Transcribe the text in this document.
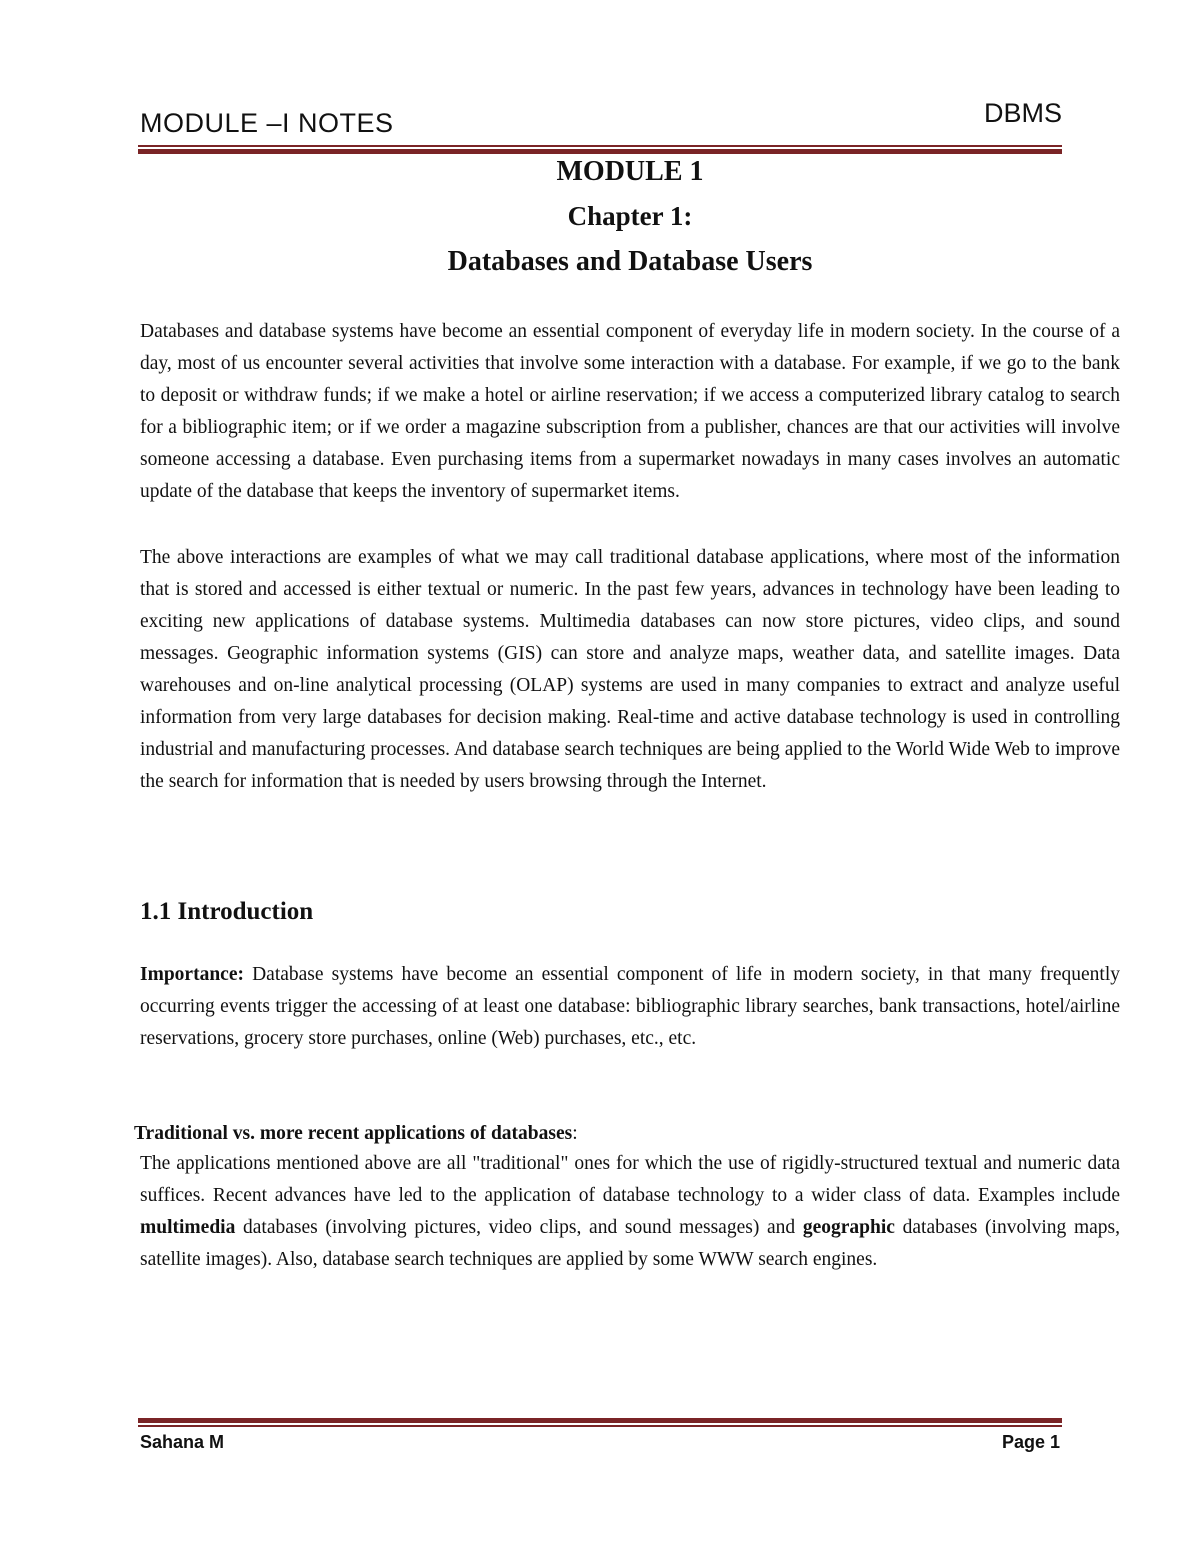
MODULE –I NOTES	DBMS
MODULE 1
Chapter 1:
Databases and Database Users

Databases and database systems have become an essential component of everyday life in modern society. In the course of a day, most of us encounter several activities that involve some interaction with a database. For example, if we go to the bank to deposit or withdraw funds; if we make a hotel or airline reservation; if we access a computerized library catalog to search for a bibliographic item; or if we order a magazine subscription from a publisher, chances are that our activities will involve someone accessing a database. Even purchasing items from a supermarket nowadays in many cases involves an automatic update of the database that keeps the inventory of supermarket items.

The above interactions are examples of what we may call traditional database applications, where most of the information that is stored and accessed is either textual or numeric. In the past few years, advances in technology have been leading to exciting new applications of database systems. Multimedia databases can now store pictures, video clips, and sound messages. Geographic information systems (GIS) can store and analyze maps, weather data, and satellite images. Data warehouses and on-line analytical processing (OLAP) systems are used in many companies to extract and analyze useful information from very large databases for decision making. Real-time and active database technology is used in controlling industrial and manufacturing processes. And database search techniques are being applied to the World Wide Web to improve the search for information that is needed by users browsing through the Internet.

1.1 Introduction

Importance: Database systems have become an essential component of life in modern society, in that many frequently occurring events trigger the accessing of at least one database: bibliographic library searches, bank transactions, hotel/airline reservations, grocery store purchases, online (Web) purchases, etc., etc.

Traditional vs. more recent applications of databases:

The applications mentioned above are all "traditional" ones for which the use of rigidly-structured textual and numeric data suffices. Recent advances have led to the application of database technology to a wider class of data. Examples include multimedia databases (involving pictures, video clips, and sound messages) and geographic databases (involving maps, satellite images). Also, database search techniques are applied by some WWW search engines.

Sahana M	Page 1
